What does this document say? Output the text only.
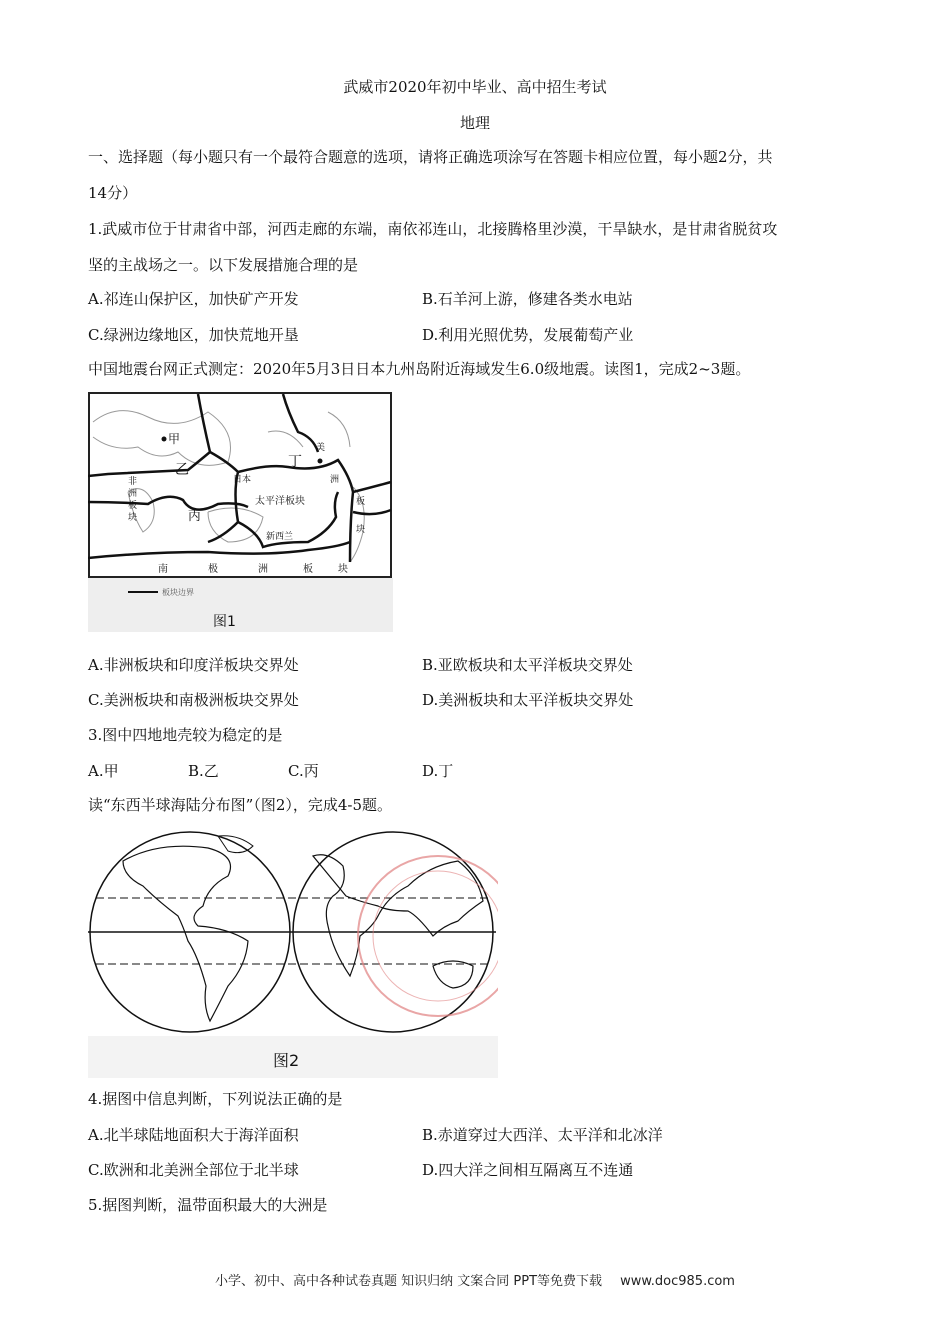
武威市2020年初中毕业、高中招生考试
地理
一、选择题（每小题只有一个最符合题意的选项，请将正确选项涂写在答题卡相应位置，每小题2分，共
14分）
1.武威市位于甘肃省中部，河西走廊的东端，南依祁连山，北接腾格里沙漠，干旱缺水，是甘肃省脱贫攻
坚的主战场之一。以下发展措施合理的是
A.祁连山保护区，加快矿产开发	B.石羊河上游，修建各类水电站
C.绿洲边缘地区，加快荒地开垦	D.利用光照优势，发展葡萄产业
中国地震台网正式测定：2020年5月3日日本九州岛附近海域发生6.0级地震。读图1，完成2~3题。
甲
乙
丙
丁
日本
太平洋板块
新西兰
非
洲
板
块
美
洲
板
块
南	极	洲	板	块
板块边界
图1
A.非洲板块和印度洋板块交界处	B.亚欧板块和太平洋板块交界处
C.美洲板块和南极洲板块交界处	D.美洲板块和太平洋板块交界处
3.图中四地地壳较为稳定的是
A.甲	B.乙	C.丙	D.丁
读“东西半球海陆分布图”（图2），完成4-5题。
图2
4.据图中信息判断，下列说法正确的是
A.北半球陆地面积大于海洋面积	B.赤道穿过大西洋、太平洋和北冰洋
C.欧洲和北美洲全部位于北半球	D.四大洋之间相互隔离互不连通
5.据图判断，温带面积最大的大洲是
小学、初中、高中各种试卷真题 知识归纳 文案合同 PPT等免费下载 www.doc985.com
